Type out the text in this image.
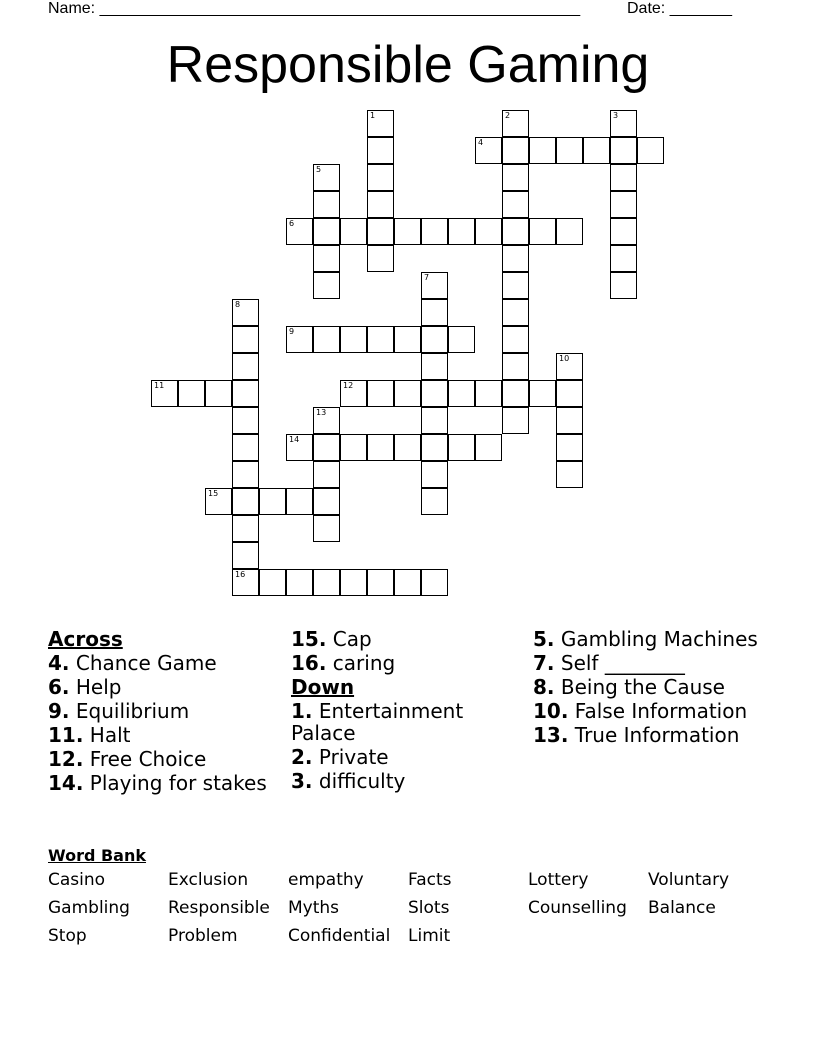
Name: ______________________________________________________	Date: _______
Responsible Gaming
1	2	3
4
5
6
7
8
9
10
11	12
13
14
15
16
Across
4. Chance Game
6. Help
9. Equilibrium
11. Halt
12. Free Choice
14. Playing for stakes
15. Cap
16. caring
Down
1. Entertainment Palace
2. Private
3. difficulty
5. Gambling Machines
7. Self ________
8. Being the Cause
10. False Information
13. True Information
Word Bank
Casino	Exclusion	empathy	Facts	Lottery	Voluntary
Gambling	Responsible	Myths	Slots	Counselling	Balance
Stop	Problem	Confidential	Limit
